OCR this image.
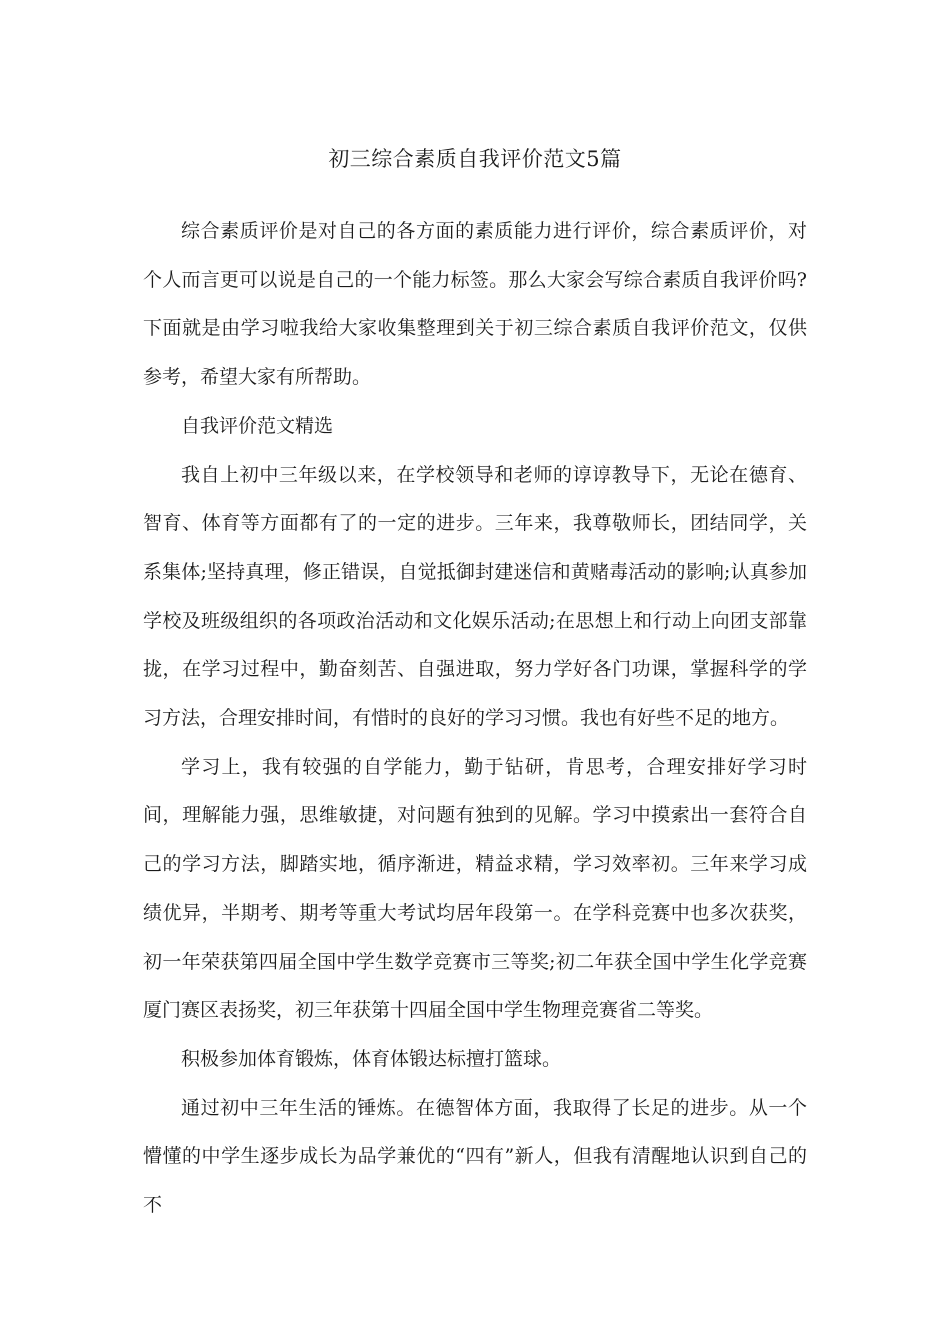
初三综合素质自我评价范文5篇

综合素质评价是对自己的各方面的素质能力进行评价，综合素质评价，对个人而言更可以说是自己的一个能力标签。那么大家会写综合素质自我评价吗?下面就是由学习啦我给大家收集整理到关于初三综合素质自我评价范文，仅供参考，希望大家有所帮助。

自我评价范文精选

我自上初中三年级以来，在学校领导和老师的谆谆教导下，无论在德育、智育、体育等方面都有了的一定的进步。三年来，我尊敬师长，团结同学，关系集体;坚持真理，修正错误，自觉抵御封建迷信和黄赌毒活动的影响;认真参加学校及班级组织的各项政治活动和文化娱乐活动;在思想上和行动上向团支部靠拢，在学习过程中，勤奋刻苦、自强进取，努力学好各门功课，掌握科学的学习方法，合理安排时间，有惜时的良好的学习习惯。我也有好些不足的地方。

学习上，我有较强的自学能力，勤于钻研，肯思考，合理安排好学习时间，理解能力强，思维敏捷，对问题有独到的见解。学习中摸索出一套符合自己的学习方法，脚踏实地，循序渐进，精益求精，学习效率初。三年来学习成绩优异，半期考、期考等重大考试均居年段第一。在学科竞赛中也多次获奖，初一年荣获第四届全国中学生数学竞赛市三等奖;初二年获全国中学生化学竞赛厦门赛区表扬奖，初三年获第十四届全国中学生物理竞赛省二等奖。

积极参加体育锻炼，体育体锻达标擅打篮球。

通过初中三年生活的锤炼。在德智体方面，我取得了长足的进步。从一个懵懂的中学生逐步成长为品学兼优的“四有”新人，但我有清醒地认识到自己的不
